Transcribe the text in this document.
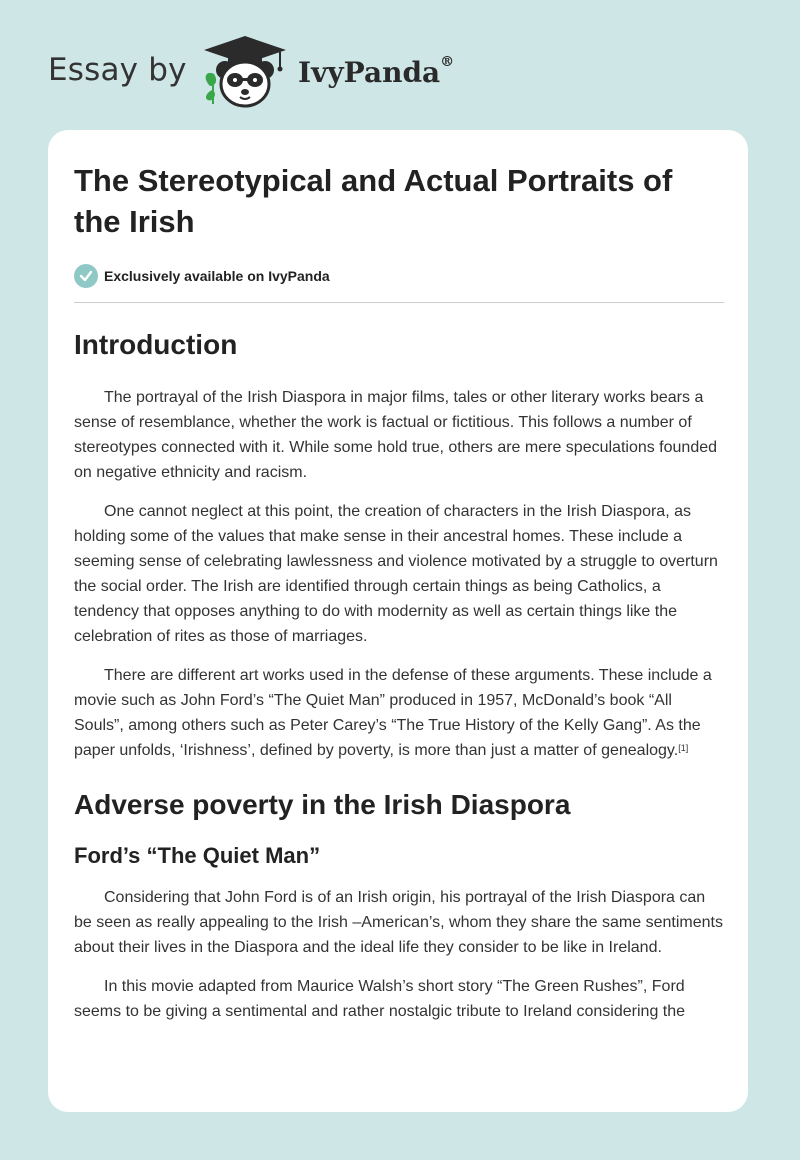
Essay by	IvyPanda®
The Stereotypical and Actual Portraits of the Irish
Exclusively available on IvyPanda
Introduction

The portrayal of the Irish Diaspora in major films, tales or other literary works bears a sense of resemblance, whether the work is factual or fictitious. This follows a number of stereotypes connected with it. While some hold true, others are mere speculations founded on negative ethnicity and racism.

One cannot neglect at this point, the creation of characters in the Irish Diaspora, as holding some of the values that make sense in their ancestral homes. These include a seeming sense of celebrating lawlessness and violence motivated by a struggle to overturn the social order. The Irish are identified through certain things as being Catholics, a tendency that opposes anything to do with modernity as well as certain things like the celebration of rites as those of marriages.

There are different art works used in the defense of these arguments. These include a movie such as John Ford’s “The Quiet Man” produced in 1957, McDonald’s book “All Souls”, among others such as Peter Carey’s “The True History of the Kelly Gang”. As the paper unfolds, ‘Irishness’, defined by poverty, is more than just a matter of genealogy.[1]

Adverse poverty in the Irish Diaspora
Ford’s “The Quiet Man”

Considering that John Ford is of an Irish origin, his portrayal of the Irish Diaspora can be seen as really appealing to the Irish –American’s, whom they share the same sentiments about their lives in the Diaspora and the ideal life they consider to be like in Ireland.

In this movie adapted from Maurice Walsh’s short story “The Green Rushes”, Ford seems to be giving a sentimental and rather nostalgic tribute to Ireland considering the
